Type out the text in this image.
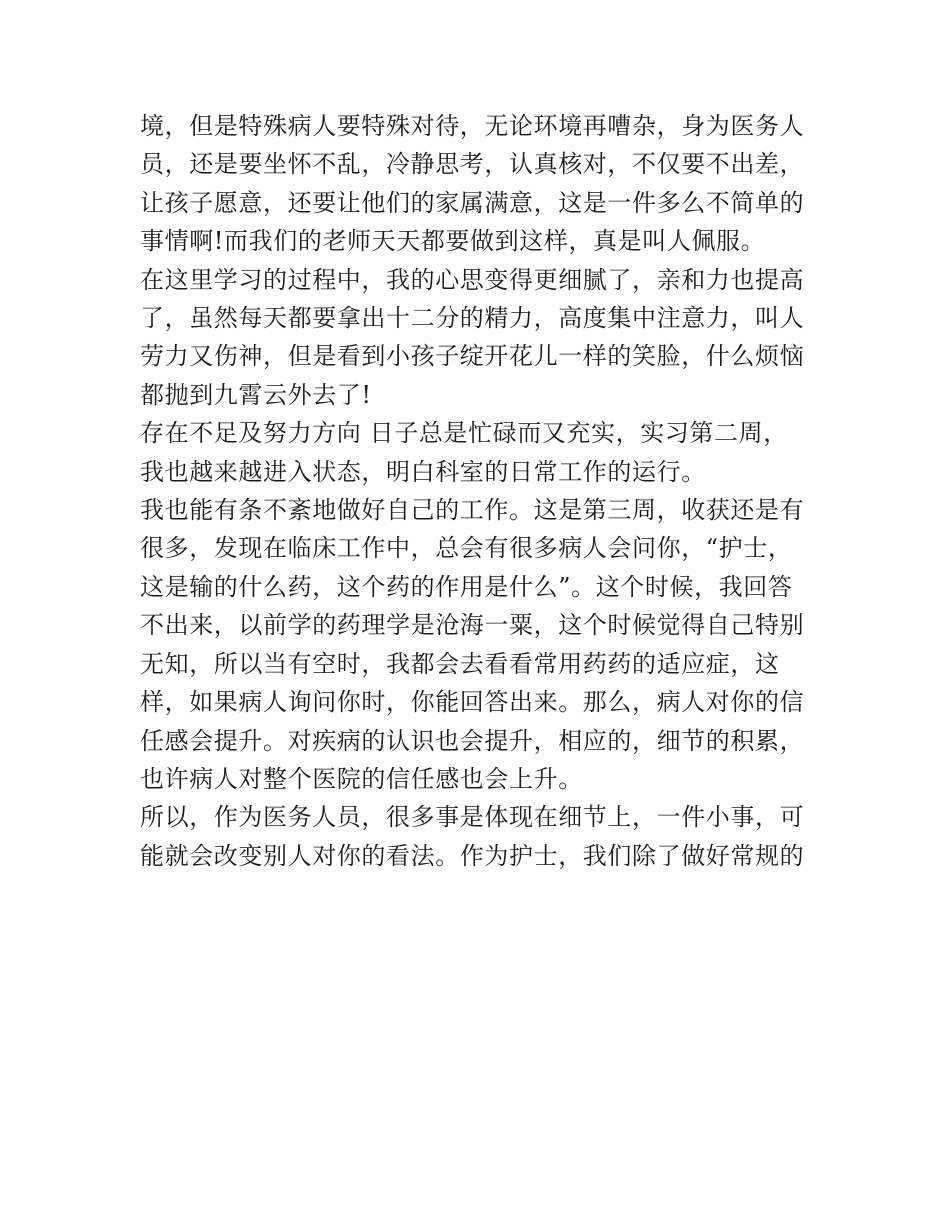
境，但是特殊病人要特殊对待，无论环境再嘈杂，身为医务人
员，还是要坐怀不乱，冷静思考，认真核对，不仅要不出差，
让孩子愿意，还要让他们的家属满意，这是一件多么不简单的
事情啊!而我们的老师天天都要做到这样，真是叫人佩服。
在这里学习的过程中，我的心思变得更细腻了，亲和力也提高
了，虽然每天都要拿出十二分的精力，高度集中注意力，叫人
劳力又伤神，但是看到小孩子绽开花儿一样的笑脸，什么烦恼
都抛到九霄云外去了!
存在不足及努力方向 日子总是忙碌而又充实，实习第二周，
我也越来越进入状态，明白科室的日常工作的运行。
我也能有条不紊地做好自己的工作。这是第三周，收获还是有
很多，发现在临床工作中，总会有很多病人会问你，“护士，
这是输的什么药，这个药的作用是什么”。这个时候，我回答
不出来，以前学的药理学是沧海一粟，这个时候觉得自己特别
无知，所以当有空时，我都会去看看常用药药的适应症，这
样，如果病人询问你时，你能回答出来。那么，病人对你的信
任感会提升。对疾病的认识也会提升，相应的，细节的积累，
也许病人对整个医院的信任感也会上升。
所以，作为医务人员，很多事是体现在细节上，一件小事，可
能就会改变别人对你的看法。作为护士，我们除了做好常规的
